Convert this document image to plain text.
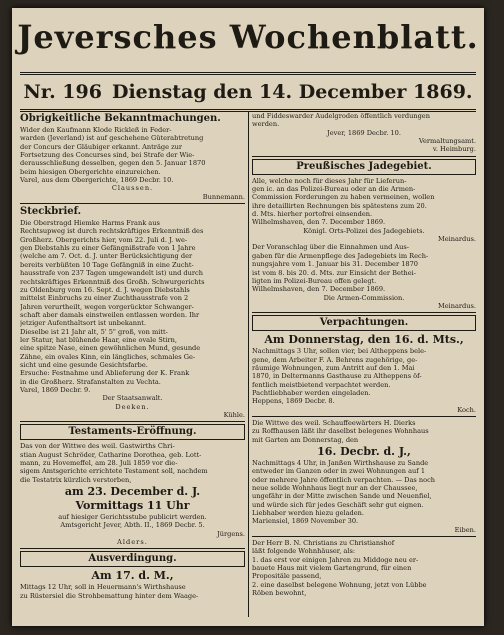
Jeversches Wochenblatt.
Nr. 196 Dienstag den 14. December 1869.
Obrigkeitliche Bekanntmachungen.
Wider den Kaufmann Klode Rickleß in Feder-
warden (Jeverland) ist auf geschehene Güterabtretung
der Concurs der Gläubiger erkannt. Anträge zur
Fortsetzung des Concurses sind, bei Strafe der Wie-
derausschließung desselben, gegen den 5. Januar 1870
beim hiesigen Obergerichte einzureichen.
Varel, aus dem Obergerichte, 1869 Decbr. 10.
Claussen.
Bunnemann.
Steckbrief.
Die Oberstragd Hiemke Harms Frank aus
Rechtsupweg ist durch rechtskräftiges Erkenntniß des
Großherz. Obergerichts hier, vom 22. Juli d. J. we-
gen Diebstahls zu einer Gefängnißstrafe von 1 Jahre
(welche am 7. Oct. d. J. unter Berücksichtigung der
bereits verbüßten 10 Tage Gefängniß in eine Zucht-
hausstrafe von 237 Tagen umgewandelt ist) und durch
rechtskräftiges Erkenntniß des Großh. Schwurgerichts
zu Oldenburg vom 16. Sept. d. J. wegen Diebstahls
mittelst Einbruchs zu einer Zuchthausstrafe von 2
Jahren verurtheilt, wegen vorgerückter Schwanger-
schaft aber damals einstweilen entlassen worden. Ihr
jetziger Aufenthaltsort ist unbekannt.
Dieselbe ist 21 Jahr alt, 5' 5" groß, von mitt-
ler Statur, hat blühende Haar, eine ovale Stirn,
eine spitze Nase, einen gewöhnlichen Mund, gesunde
Zähne, ein ovales Kinn, ein längliches, schmales Ge-
sicht und eine gesunde Gesichtsfarbe.
Ersuche: Festnahme und Ablieferung der K. Frank
in die Großherz. Strafanstalten zu Vechta.
Varel, 1869 Decbr. 9.
Der Staatsanwalt.
Deeken.
Kühle.
Testaments-Eröffnung.
Das von der Wittwe des weil. Gastwirths Chri-
stian August Schröder, Catharine Dorothea, geb. Lott-
mann, zu Hovemeffel, am 28. Juli 1859 vor die-
sigem Amtsgerichte errichtete Testament soll, nachdem
die Testatrix kürzlich verstorben,
am 23. December d. J.
Vormittags 11 Uhr
auf hiesiger Gerichtsstube publicirt werden.
Amtsgericht Jever, Abth. II., 1869 Decbr. 5.
Jürgens.
Alders.
Ausverdingung.
Am 17. d. M.,
Mittags 12 Uhr, soll in Heuermann's Wirthshause
zu Rüstersiel die Strohbemattung hinter dem Waage-
und Fiddeswarder Audelgroden öffentlich verdungen
werden.
Jever, 1869 Decbr. 10.
Vermaltungsamt.
v. Heimburg.
Preußisches Jadegebiet.
Alle, welche noch für dieses Jahr für Lieferun-
gen ic. an das Polizei-Bureau oder an die Armen-
Commission Forderungen zu haben vermeinen, wollen
ihre detaillirten Rechnungen bis spätestens zum 20.
d. Mts. hierher portofrei einsenden.
Wilhelmshaven, den 7. December 1869.
Königl. Orts-Polizei des Jadegebiets.
Meinardus.
Der Voranschlag über die Einnahmen und Aus-
gaben für die Armenpflege des Jadegebiets im Rech-
nungsjahre vom 1. Januar bis 31. December 1870
ist vom 8. bis 20. d. Mts. zur Einsicht der Bethei-
ligten im Polizei-Bureau offen gelegt.
Wilhelmshaven, den 7. December 1869.
Die Armen-Commission.
Meinardus.
Verpachtungen.
Am Donnerstag, den 16. d. Mts.,
Nachmittags 3 Uhr, sollen vier, bei Altheppens bele-
gene, dem Arbeiter F. A. Behrens zugehörige, ge-
räumige Wohnungen, zum Antritt auf den 1. Mai
1870, in Deltermanns Gasthause zu Altheppens öf-
fentlich meistbietend verpachtet werden.
Pachtliebhaber werden eingeladen.
Heppens, 1869 Decbr. 8.
Koch.
Die Wittwe des weil. Schauffeewärters H. Dierks
zu Roffhausen läßt ihr daselbst belegenes Wohnhaus
mit Garten am Donnerstag, den
16. Decbr. d. J.,
Nachmittags 4 Uhr, in Janßen Wirthshause zu Sande
entweder im Ganzen oder in zwei Wohnungen auf 1
oder mehrere Jahre öffentlich verpachten. — Das noch
neue solide Wohnhaus liegt nur an der Chaussee,
ungefähr in der Mitte zwischen Sande und Neuenfiel,
und würde sich für jedes Geschäft sehr gut eignen.
Liebhaber werden hiezu geladen.
Mariensiel, 1869 November 30.
Eiben.
Der Herr B. N. Christians zu Christianshof
läßt folgende Wohnhäuser, als:
1. das erst vor einigen Jahren zu Middoge neu er-
bauete Haus mit vielem Gartengrund, für einen
Propositäle passend,
2. eine daselbst belegene Wohnung, jetzt von Lübbe
Röben bewohnt,
